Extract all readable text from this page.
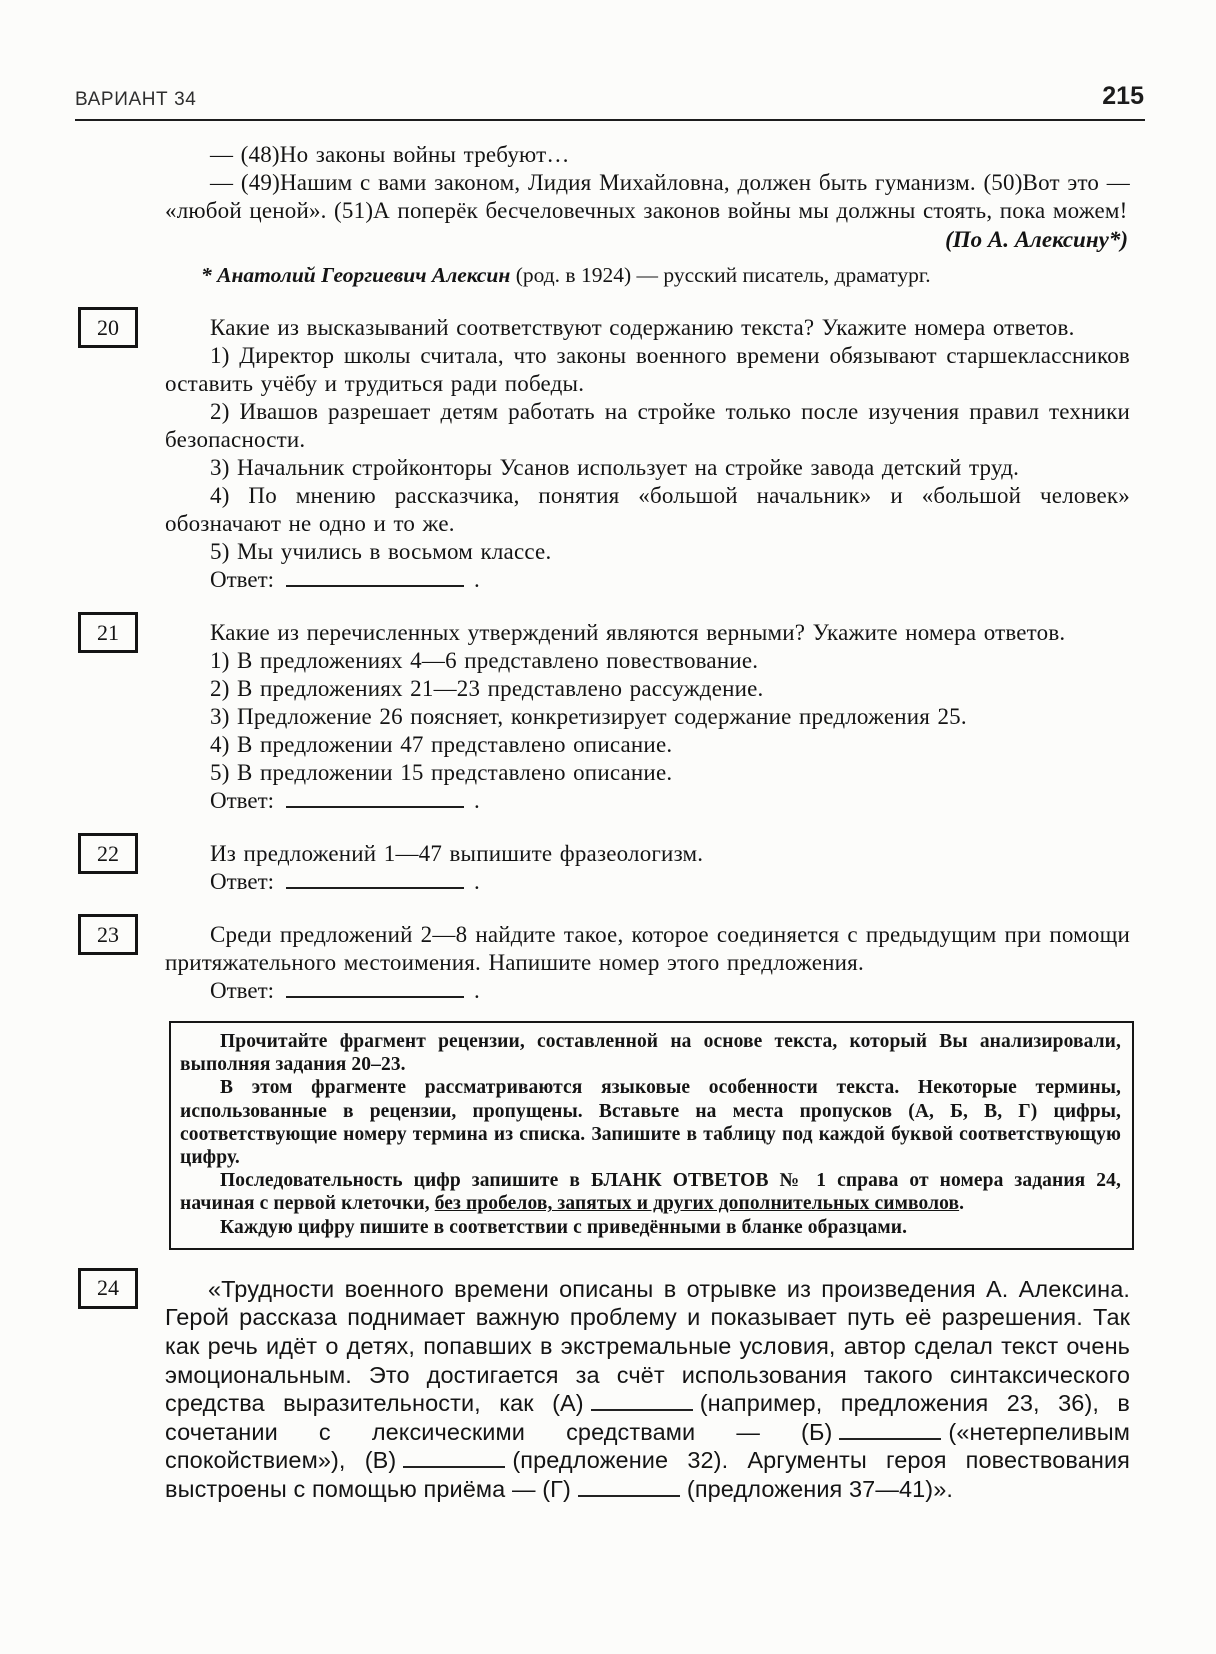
ВАРИАНТ 34	215

— (48)Но законы войны требуют…

— (49)Нашим с вами законом, Лидия Михайловна, должен быть гуманизм. (50)Вот это — «любой ценой». (51)А поперёк бесчеловечных законов войны мы должны стоять, пока можем!

(По А. Алексину*)

* Анатолий Георгиевич Алексин (род. в 1924) — русский писатель, драматург.

20	Какие из высказываний соответствуют содержанию текста? Укажите номера ответов.

1) Директор школы считала, что законы военного времени обязывают старшеклассников оставить учёбу и трудиться ради победы.

2) Ивашов разрешает детям работать на стройке только после изучения правил техники безопасности.

3) Начальник стройконторы Усанов использует на стройке завода детский труд.

4) По мнению рассказчика, понятия «большой начальник» и «большой человек» обозначают не одно и то же.

5) Мы учились в восьмом классе.

Ответ:	.

21	Какие из перечисленных утверждений являются верными? Укажите номера ответов.

1) В предложениях 4—6 представлено повествование.

2) В предложениях 21—23 представлено рассуждение.

3) Предложение 26 поясняет, конкретизирует содержание предложения 25.

4) В предложении 47 представлено описание.

5) В предложении 15 представлено описание.

Ответ:	.

22	Из предложений 1—47 выпишите фразеологизм.

Ответ:	.

23	Среди предложений 2—8 найдите такое, которое соединяется с предыдущим при помощи притяжательного местоимения. Напишите номер этого предложения.

Ответ:	.

Прочитайте фрагмент рецензии, составленной на основе текста, который Вы анализировали, выполняя задания 20–23.

В этом фрагменте рассматриваются языковые особенности текста. Некоторые термины, использованные в рецензии, пропущены. Вставьте на места пропусков (А, Б, В, Г) цифры, соответствующие номеру термина из списка. Запишите в таблицу под каждой буквой соответствующую цифру.

Последовательность цифр запишите в БЛАНК ОТВЕТОВ № 1 справа от номера задания 24, начиная с первой клеточки, без пробелов, запятых и других дополнительных символов.

Каждую цифру пишите в соответствии с приведёнными в бланке образцами.

24	«Трудности военного времени описаны в отрывке из произведения А. Алексина. Герой рассказа поднимает важную проблему и показывает путь её разрешения. Так как речь идёт о детях, попавших в экстремальные условия, автор сделал текст очень эмоциональным. Это достигается за счёт использования такого синтаксического средства выразительности, как (А)	(например, предложения 23, 36), в сочетании с лексическими средствами — (Б)	(«нетерпеливым спокойствием»), (В)	(предложение 32). Аргументы героя повествования выстроены с помощью приёма — (Г)	(предложения 37—41)».
